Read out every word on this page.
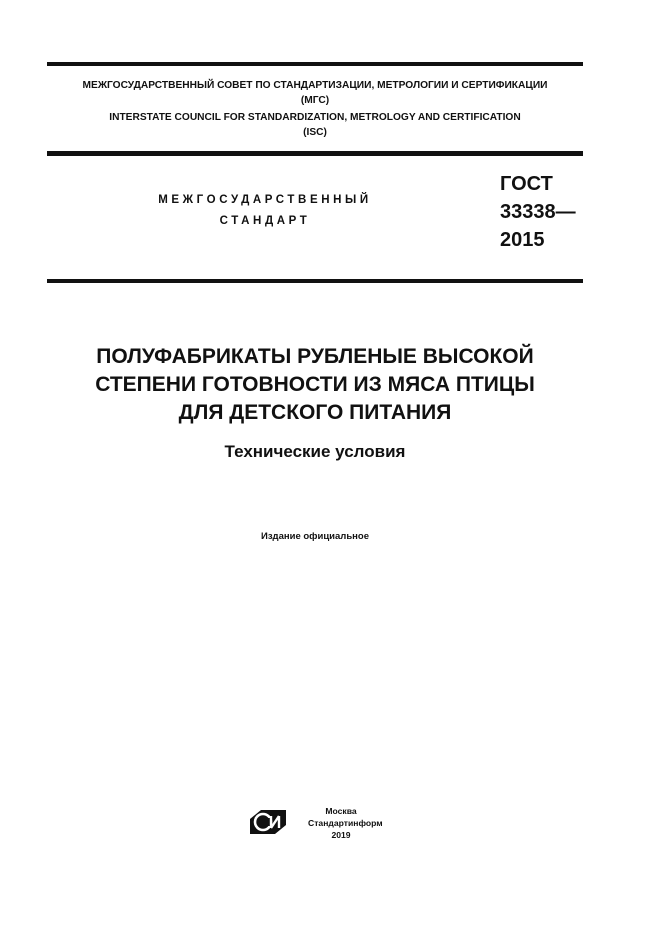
МЕЖГОСУДАРСТВЕННЫЙ СОВЕТ ПО СТАНДАРТИЗАЦИИ, МЕТРОЛОГИИ И СЕРТИФИКАЦИИ
(МГС)
INTERSTATE COUNCIL FOR STANDARDIZATION, METROLOGY AND CERTIFICATION
(ISC)
МЕЖГОСУДАРСТВЕННЫЙ
СТАНДАРТ
ГОСТ
33338—
2015
ПОЛУФАБРИКАТЫ РУБЛЕНЫЕ ВЫСОКОЙ
СТЕПЕНИ ГОТОВНОСТИ ИЗ МЯСА ПТИЦЫ
ДЛЯ ДЕТСКОГО ПИТАНИЯ
Технические условия
Издание официальное
Москва
Стандартинформ
2019
